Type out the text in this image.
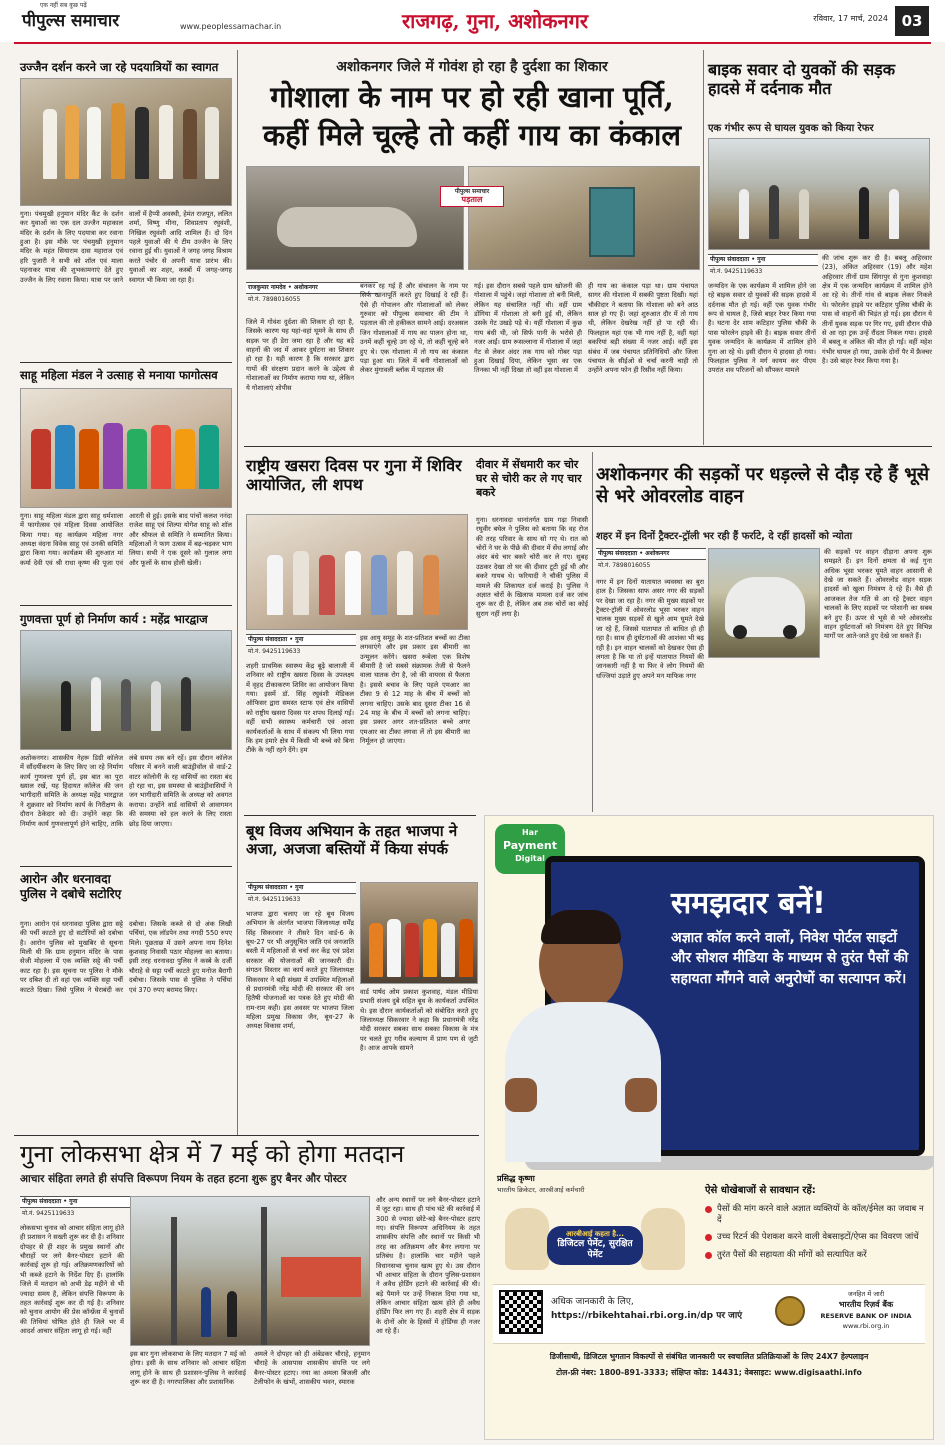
एक नहीं सब कुछ पढ़ें
पीपुल्स समाचार	www.peoplessamachar.in	राजगढ़, गुना, अशोकनगर	रविवार, 17 मार्च, 2024 03
उज्जैन दर्शन करने जा रहे पदयात्रियों का स्वागत
गुना। पंचमुखी हनुमान मंदिर कैंट के दर्शन कर युवाओं का एक दल उज्जैन महाकाल मंदिर के दर्शन के लिए पदयात्रा कर रवाना हुआ है। इस मौके पर पंचमुखी हनुमान मंदिर के महंत सियाराम दास महाराज एवं हरि पुजारी ने सभी को शॉल एवं माला पहनाकर यात्रा की शुभकामनाएं देते हुए उज्जैन के लिए रवाना किया। यात्रा पर जाने वालों में हैप्पी अवस्थी, हेमंत राजपूत, ललित शर्मा, विष्णु मीना, शिवप्रताप रघुवंशी, निखिल रघुवंशी आदि शामिल हैं। दो दिन पहले युवाओं की ये टीम उज्जैन के लिए रवाना हुई थी। युवाओं ने जगह जगह विश्राम करते पंचोर से अपनी यात्रा प्रारंभ की। युवाओं का शहर, कस्बों में जगह-जगह स्वागत भी किया जा रहा है।
साहू महिला मंडल ने उत्साह से मनाया फागोत्सव
गुना। साहू महिला मंडल द्वारा साहू धर्मशाला में फागोत्सव एवं महिला दिवस आयोजित किया गया। यह कार्यक्रम महिला नगर अध्यक्ष वंदना विवेक साहू एवं उनकी समिति द्वारा किया गया। कार्यक्रम की शुरुआत मां कर्मा देवी एवं श्री राधा कृष्ण की पूजा एवं आरती से हुई। इसके बाद पांचों कलश ननंदा राजेश साहू एवं शिल्पा योगेश साहू को शॉल और श्रीफल से समिति ने सम्मानित किया। महिलाओं ने फाग उत्सव में बढ़-चढ़कर भाग लिया। सभी ने एक दूसरे को गुलाल लगा और फूलों के साथ होली खेली।
गुणवत्ता पूर्ण हो निर्माण कार्य : महेंद्र भारद्वाज
अशोकनगर। शासकीय नेहरू डिग्री कॉलेज में सौंदर्यीकरण के लिए किए जा रहे निर्माण कार्य गुणवत्ता पूर्ण हों, इस बात का पूरा ख्याल रखें, यह हिदायत कॉलेज की जन भागीदारी समिति के अध्यक्ष महेंद्र भारद्वाज ने शुक्रवार को निर्माण कार्य के निरीक्षण के दौरान ठेकेदार को दी। उन्होंने कहा कि निर्माण कार्य गुणवत्तापूर्ण होने चाहिए, ताकि लंबे समय तक बने रहें। इस दौरान कॉलेज परिसर में बनने वाली बाउंड्रीवॉल से वार्ड-2 वाटर कॉलोनी के रह वासियों का रास्ता बंद हो रहा था, इस समस्या से बाउंड्रीवासियों ने जन भागीदारी समिति के अध्यक्ष को अवगत कराया। उन्होंने वार्ड वासियों से आवागमन की समस्या को हल करने के लिए रास्ता छोड़ दिया जाएगा।
आरोन और धरनावदा पुलिस ने दबोचे सटोरिए
गुना। आरोन एवं धरनावदा पुलिस द्वारा सट्टे की पर्ची काटते हुए दो सटोरियों को दबोचा है। आरोन पुलिस को मुखबिर से सूचना मिली थी कि ग्राम हनुमान मंदिर के पास सेजी मोहल्ला में एक व्यक्ति सट्टे की पर्ची काट रहा है। इस सूचना पर पुलिस ने मौके पर दबिश दी तो वहां एक व्यक्ति सट्टा पर्ची काटते दिखा। जिसे पुलिस ने घेराबंदी कर दबोचा। जिसके कब्जे से दो अंक लिखी पर्चियां, एक लॉडपेन तथा नगदी 550 रुपए मिले। पूछताछ में उसने अपना नाम दिनेश कुशवाह निवासी पठार मोहल्ला का बताया। इसी तरह धरनावदा पुलिस ने कस्बे के दर्जी चौराहे से सट्टा पर्ची काटते हुए मनोज बैरागी दबोचा। जिसके पास से पुलिस ने पर्चियां एवं 370 रुपए बरामद किए।
अशोकनगर जिले में गोवंश हो रहा है दुर्दशा का शिकार
गोशाला के नाम पर हो रही खाना पूर्ति,
कहीं मिले चूल्हे तो कहीं गाय का कंकाल
पीपुल्स समाचार
पड़ताल
राजकुमार नामदेव • अशोकनगर
मो.नं. 7898016055
जिले में गोवंश दुर्दशा की शिकार हो रहा है, जिसके कारण यह यहां-वहां घूमने के साथ ही सड़क पर ही डेरा जमा रहा है और यह बड़े वाहनों की जद में आकर दुर्घटना का शिकार हो रहा है। यही कारण है कि सरकार द्वारा गायों की संरक्षण प्रदान करने के उद्देश्य से गोशालाओं का निर्माण कराया गया था, लेकिन ये गोशालाएं शोपीस
बनकर रह गई हैं और संचालन के नाम पर सिर्फ खानापूर्ति करते हुए दिखाई दे रही हैं। ऐसे ही गोपालन और गोशालाओं को लेकर गुरुवार को पीपुल्स समाचार की टीम ने पड़ताल की तो हकीकत सामने आई। दरअसल जिन गोशालाओं में गाय का पालन होना था, उनमें कहीं चूल्हे उग रहे थे, तो कहीं चूल्हे बने हुए थे। एक गोशाला में तो गाय का कंकाल पड़ा हुआ था। जिले में बनी गोशालाओं को लेकर मुंगावली ब्लॉक में पड़ताल की
गई। इस दौरान सबसे पहले ग्राम खोजनी की गोशाला में पहुंचे। जहां गोशाला तो बनी मिली, लेकिन यह संचालित नहीं थी। वहीं ग्राम डोंगिया में गोशाला तो बनी हुई थी, लेकिन उसके गेट उखड़े पड़े थे। यहीं गोशाला में कुछ गाय बंधी थी, जो सिर्फ पानी के भरोसे ही नजर आईं। ग्राम रूसल्लाना में गोशाला में जहां गेट से लेकर अंदर तक गाय को गोबर पड़ा हुआ दिखाई दिया, लेकिन भूसा का एक तिनका भी नहीं दिखा तो वहीं इस गोशाला में
ही गाय का कंकाल पड़ा था। ग्राम पंचायत सागर की गोशाला में सबकी पुष्टता दिखी। यहां चौकीदार ने बताया कि गोशाला को बने आठ साल हो गए हैं। जहां शुरुआत दौर में तो गाय थी, लेकिन देखरेख नहीं हो पा रही थी। फिलहाल यहां एक भी गाय नहीं है, वहीं यहां बकरियां बड़ी संख्या में नजर आईं। वहीं इस संबंध में जब पंचायत प्रतिनिधियों और जिला पंचायत के सीईओ से चर्चा करनी चाही तो उन्होंने अपना फोन ही रिसीव नहीं किया।
बाइक सवार दो युवकों की सड़क हादसे में दर्दनाक मौत
एक गंभीर रूप से घायल युवक को किया रेफर
पीपुल्स संवाददाता • गुना
मो.नं. 9425119633
जन्मदिन के एक कार्यक्रम में शामिल होने जा रहे बाइक सवार दो युवकों की सड़क हादसे में दर्दनाक मौत हो गई। वहीं एक युवक गंभीर रूप से घायल है, जिसे बाहर रेफर किया गया है। घटना देर शाम कटिहार पुलिस चौकी के पास फोरलेन हाइवे की है। बाइक सवार तीनों युवक जन्मदिन के कार्यक्रम में शामिल होने गुना आ रहे थे। इसी दौरान ये हादसा हो गया। फिलहाल पुलिस ने मर्ग कायम कर पीएम उपरांत शव परिजनों को सौंपकर मामले
की जांच शुरू कर दी है। बबलू अहिरवार (23), अंकित अहिरवार (19) और महेश अहिरवार तीनों ग्राम सिंगापुर से गुना कुशवाहा क्षेत्र में एक जन्मदिन कार्यक्रम में शामिल होने आ रहे थे। तीनों गांव से बाइक लेकर निकले थे। फोरलेन हाइवे पर कटिहार पुलिस चौकी के पास वो वाहनों की भिड़ंत हो गई। इस दौरान ये तीनों युवक सड़क पर गिर गए, इसी दौरान पीछे से आ रहा ट्रक उन्हें रौंदता निकल गया। हादसे में बबलू व अंकित की मौत हो गई। वहीं महेश गंभीर घायल हो गया, उसके दोनों पैर में फ्रैक्चर है। उसे बाहर रेफर किया गया है।
राष्ट्रीय खसरा दिवस पर गुना में शिविर आयोजित, ली शपथ
पीपुल्स संवाददाता • गुना
मो.नं. 9425119633
शहरी प्राथमिक स्वास्थ्य केंद्र बूढ़े बालाजी में शनिवार को राष्ट्रीय खसरा दिवस के उपलक्ष्य में वृहद टीकाकरण शिविर का आयोजन किया गया। इसमें डॉ. सिंह रघुवंशी मेडिकल ऑफिसर द्वारा समस्त स्टाफ एवं क्षेत्र वासियों को राष्ट्रीय खसरा दिवस पर शपथ दिलाई गई। वहीं सभी स्वास्थ्य कर्मचारी एवं आशा कार्यकर्ताओं के साथ में संकल्प भी लिया गया कि हम हमारे क्षेत्र में किसी भी बच्चे को बिना टीके के नहीं रहने देंगे। हम
इस आयु समूह के शत-प्रतिशत बच्चों का टीका लगवाएंगे और इस प्रकार इस बीमारी का उन्मूलन करेंगे। खसरा रूबेला एक विशेष बीमारी है जो सबसे संक्रामक तेजी से फैलने वाला घातक रोग है, जो की वायरस से फैलता है। इससे बचाव के लिए पहले एमआर का टीका 9 से 12 माह के बीच में बच्चों को लगना चाहिए। उसके बाद दूसरा टीका 16 से 24 माह के बीच में बच्चों को लगना चाहिए। इस प्रकार अगर शत-प्रतिशत बच्चे अगर एमआर का टीका लगवा लें तो इस बीमारी का निर्मूलन हो जाएगा।
दीवार में सेंधमारी कर चोर घर से चोरी कर ले गए चार बकरे
गुना। धरनावदा थानांतर्गत ग्राम गढ़ा निवासी रघुवीर बघेल ने पुलिस को बताया कि वह रोज की तरह परिवार के साथ सो गए थे। रात को चोरों ने घर के पीछे की दीवार में सेंध लगाई और अंदर बंधे चार बकरे चोरी कर ले गए। सुबह उठकर देखा तो घर की दीवार टूटी हुई थी और बकरे गायब थे। फरियादी ने चौकी पुलिस में मामले की शिकायत दर्ज कराई है। पुलिस ने अज्ञात चोरों के खिलाफ मामला दर्ज कर जांच शुरू कर दी है, लेकिन अब तक चोरों का कोई सुराग नहीं लगा है।
अशोकनगर की सड़कों पर धड़ल्ले से दौड़ रहे हैं भूसे से भरे ओवरलोड वाहन
शहर में इन दिनों ट्रैक्टर-ट्रॉली भर रही हैं फर्राटे, दे रहीं हादसों को न्योता
पीपुल्स संवाददाता • अशोकनगर
मो.नं. 7898016055
नगर में इन दिनों यातायात व्यवस्था का बुरा हाल है। जिसका साफ असर नगर की सड़कों पर देखा जा रहा है। नगर की मुख्य सड़कों पर ट्रैक्टर-ट्रॉली में ओवरलोड भूसा भरकर वाहन चालक मुख्य सड़कों से खुले आम घूमते देखे जा रहे हैं, जिससे यातायात तो बाधित हो ही रहा है। साथ ही दुर्घटनाओं की आशंका भी बढ़ रही है। इन वाहन चालकों को देखकर ऐसा ही लगता है कि या तो इन्हें यातायात नियमों की जानकारी नहीं है या फिर वे लोग नियमों की धज्जियां उड़ाते हुए अपने मन माफिक नगर
की सड़कों पर वाहन दौड़ाना अपना शुरू समझते हैं। इन दिनों क्षमता से कई गुना अधिक भूसा भरकर घूमते वाहन आसानी से देखे जा सकते हैं। ओवरलोड वाहन सड़क हादसों को खुला निमंत्रण दे रहे हैं। वैसे ही आजकल तेज गति से आ रहे ट्रैक्टर वाहन चालकों के लिए सड़कों पर परेशानी का सबब बने हुए हैं। ऊपर से भूसे से भरे ओवरलोड वाहन दुर्घटनाओं को निमंत्रण देते हुए विभिन्न मार्गों पर आते-जाते हुए देखे जा सकते हैं।
बूथ विजय अभियान के तहत भाजपा ने अजा, अजजा बस्तियों में किया संपर्क
पीपुल्स संवाददाता • गुना
मो.नं. 9425119633
भाजपा द्वारा चलाए जा रहे बूथ विजय अभियान के अंतर्गत भाजपा जिलाध्यक्ष धर्मेंद्र सिंह सिकरवार ने तीसरे दिन वार्ड-6 के बूथ-27 पर भी अनुसूचित जाति एवं जनजाति बस्ती में महिलाओं से चर्चा कर केंद्र एवं प्रदेश सरकार की योजनाओं की जानकारी दी। संगठन विस्तार का कार्य करते हुए जिलाध्यक्ष सिकरवार ने बड़ी संख्या में उपस्थित महिलाओं से प्रधानमंत्री नरेंद्र मोदी की सरकार की जन हितैषी योजनाओं का पत्रक देते हुए मोदी की राम-राम कही। इस अवसर पर भाजपा जिला महिला प्रमुख विकास जैन, बूथ-27 के अध्यक्ष विकास शर्मा,
वार्ड पार्षद ओम प्रकाश कुशवाह, मंडल मीडिया प्रभारी संजय दुबे सहित बूथ के कार्यकर्ता उपस्थित थे। इस दौरान कार्यकर्ताओं को संबोधित करते हुए जिलाध्यक्ष सिकरवार ने कहा कि प्रधानमंत्री नरेंद्र मोदी सरकार सबका साथ सबका विकास के मंत्र पर चलते हुए गरीब कल्याण में प्राण पण से जुटी है। आज आपके सामने
गुना लोकसभा क्षेत्र में 7 मई को होगा मतदान
आचार संहिता लगते ही संपत्ति विरूपण नियम के तहत हटना शुरू हुए बैनर और पोस्टर
पीपुल्स संवाददाता • गुना
मो.नं. 9425119633
लोकसभा चुनाव को आचार संहिता लागू होते ही प्रशासन ने सख्ती शुरू कर दी है। शनिवार दोपहर से ही शहर के प्रमुख स्थानों और चौराहों पर लगे बैनर-पोस्टर हटाने की कार्रवाई शुरू हो गई। अतिक्रमणकारियों को भी कब्जे हटाने के निर्देश दिए हैं। हालांकि जिले में मतदान को अभी डेढ़ महीने से भी ज्यादा समय है, लेकिन संपत्ति विरूपण के तहत कार्रवाई शुरू कर दी गई है। शनिवार को चुनाव आयोग की प्रेस कॉन्फ्रेंस में चुनावों की तिथियां घोषित होते ही जिले भर में आदर्श आचार संहिता लागू हो गई। वहीं
इस बार गुना लोकसभा के लिए मतदान 7 मई को होगा। इसी के साथ शनिवार को आचार संहिता लागू होने के साथ ही प्रशासन-पुलिस ने कार्रवाई शुरू कर दी है। नगरपालिका और प्रशासनिक
अमले ने दोपहर को ही अंबेडकर चौराहे, हनुमान चौराहे के आसपास शासकीय संपत्ति पर लगे बैनर-पोस्टर हटाए। नया का अमला बिजली और टेलीफोन के खंभों, शासकीय भवन, स्मारक
और अन्य स्थानों पर लगे बैनर-पोस्टर हटाने में जुट रहा। साथ ही पांच घंटे की कार्रवाई में 300 से ज्यादा छोटे-बड़े बैनर-पोस्टर हटाए गए। संपत्ति विरूपण अधिनियम के तहत शासकीय संपत्ति और स्थानों पर किसी भी तरह का अतिक्रमण और बैनर लगाना पर प्रतिबंध है। हालांकि चार महीने पहले विधानसभा चुनाव खत्म हुए थे। उस दौरान भी आचार संहिता के दौरान पुलिस-प्रशासन ने अवैध होर्डिंग हटाने की कार्रवाई की थी। बड़े पैमाने पर उन्हें निकाल दिया गया था, लेकिन आचार संहिता खत्म होते ही अवैध होर्डिंग फिर लग गए हैं। शहरी क्षेत्र में सड़क के दोनों ओर के हिस्सों में होर्डिंग्स ही नजर आ रहे हैं।
Har
Payment
Digital
समझदार बनें!
अज्ञात कॉल करने वालों, निवेश पोर्टल साइटों और सोशल मीडिया के माध्यम से तुरंत पैसों की सहायता माँगने वाले अनुरोधों का सत्यापन करें।
प्रसिद्ध कृष्णा
भारतीय क्रिकेटर, आरबीआई कर्मचारी
आरबीआई कहता है...
डिजिटल पेमेंट, सुरक्षित पेमेंट
ऐसे धोखेबाजों से सावधान रहें:
पैसों की मांग करने वाले अज्ञात व्यक्तियों के कॉल/ईमेल का जवाब न दें
उच्च रिटर्न की पेशकश करने वाली वेबसाइटों/ऐप्स का विवरण जांचें
तुरंत पैसों की सहायता की माँगों को सत्यापित करें
अधिक जानकारी के लिए,
https://rbikehtahai.rbi.org.in/dp पर जाएं
जनहित में जारी
भारतीय रिज़र्व बैंक
RESERVE BANK OF INDIA
www.rbi.org.in
डिजीसाथी, डिजिटल भुगतान विकल्पों से संबंधित जानकारी पर स्वचालित प्रतिक्रियाओं के लिए 24X7 हेल्पलाइन
टोल-फ्री नंबर: 1800-891-3333; संक्षिप्त कोड: 14431; वेबसाइट: www.digisaathi.info
